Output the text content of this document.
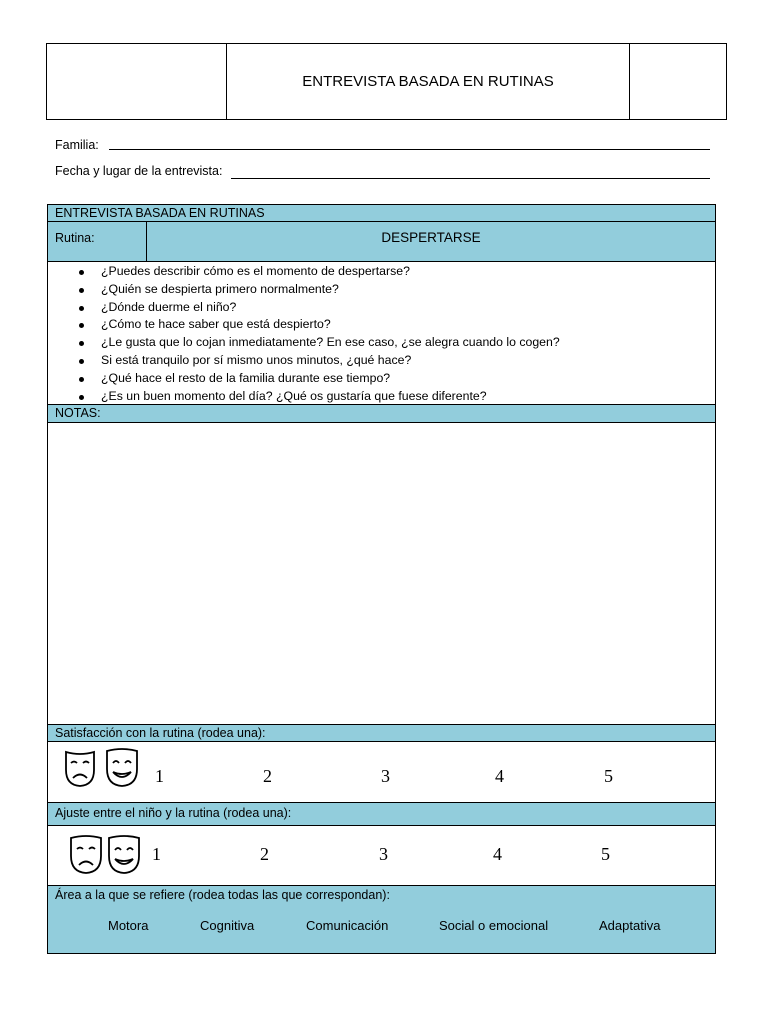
ENTREVISTA BASADA EN RUTINAS
Familia:
Fecha y lugar de la entrevista:
ENTREVISTA BASADA EN RUTINAS
Rutina:	DESPERTARSE
¿Puedes describir cómo es el momento de despertarse?
¿Quién se despierta primero normalmente?
¿Dónde duerme el niño?
¿Cómo te hace saber que está despierto?
¿Le gusta que lo cojan inmediatamente? En ese caso, ¿se alegra cuando lo cogen?
Si está tranquilo por sí mismo unos minutos, ¿qué hace?
¿Qué hace el resto de la familia durante ese tiempo?
¿Es un buen momento del día? ¿Qué os gustaría que fuese diferente?
NOTAS:
Satisfacción con la rutina (rodea una):
1	2	3	4	5
Ajuste entre el niño y la rutina (rodea una):
1	2	3	4	5
Área a la que se refiere (rodea todas las que correspondan):
Motora	Cognitiva	Comunicación	Social o emocional	Adaptativa
